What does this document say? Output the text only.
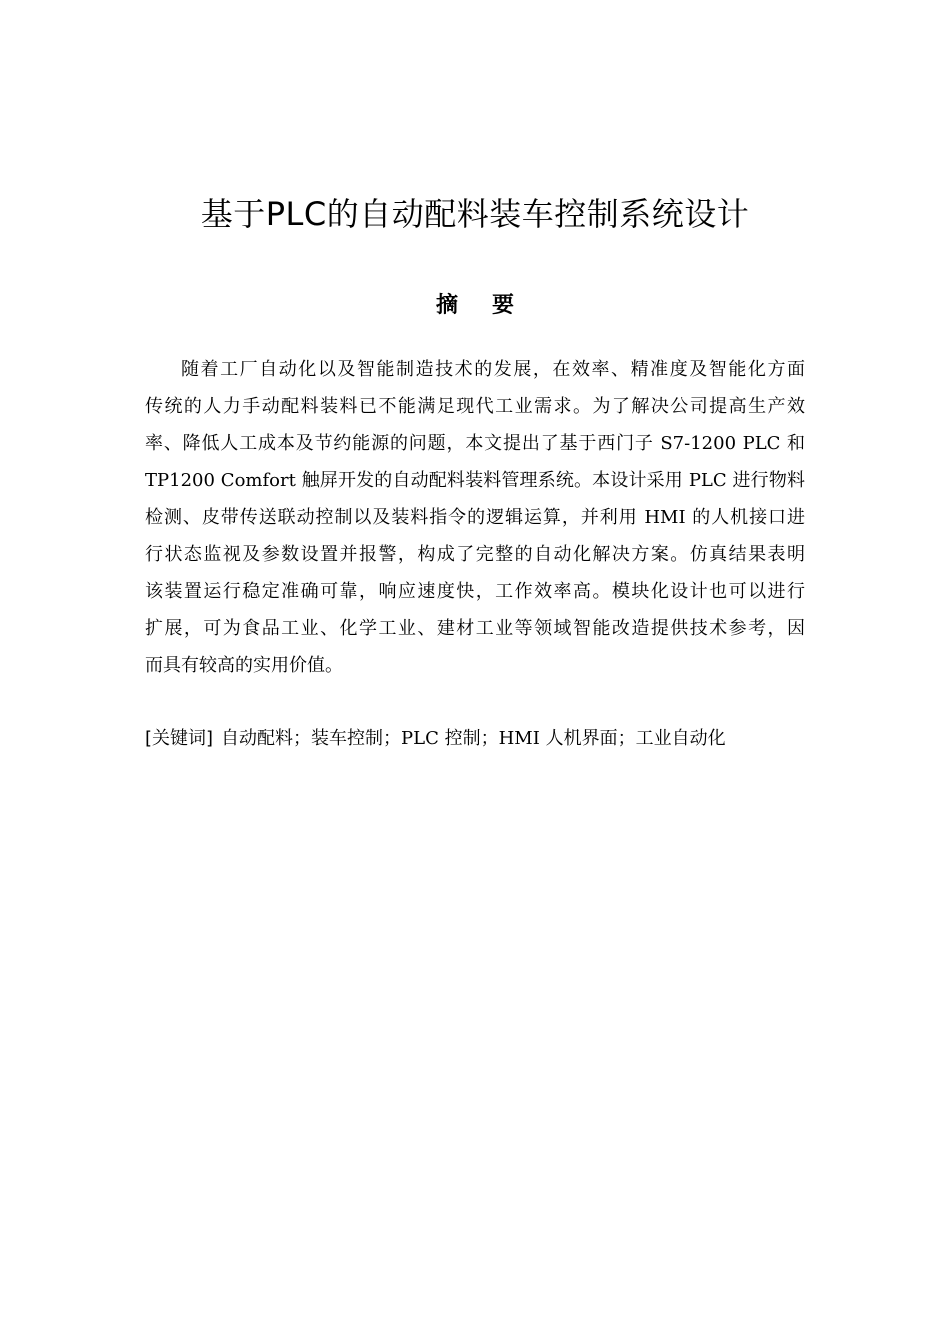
基于PLC的自动配料装车控制系统设计
摘要
随着工厂自动化以及智能制造技术的发展，在效率、精准度及智能化方面
传统的人力手动配料装料已不能满足现代工业需求。为了解决公司提高生产效
率、降低人工成本及节约能源的问题，本文提出了基于西门子 S7-1200 PLC 和
TP1200 Comfort 触屏开发的自动配料装料管理系统。本设计采用 PLC 进行物料
检测、皮带传送联动控制以及装料指令的逻辑运算，并利用 HMI 的人机接口进
行状态监视及参数设置并报警，构成了完整的自动化解决方案。仿真结果表明
该装置运行稳定准确可靠，响应速度快，工作效率高。模块化设计也可以进行
扩展，可为食品工业、化学工业、建材工业等领域智能改造提供技术参考，因
而具有较高的实用价值。
[关键词] 自动配料；装车控制；PLC 控制；HMI 人机界面；工业自动化
